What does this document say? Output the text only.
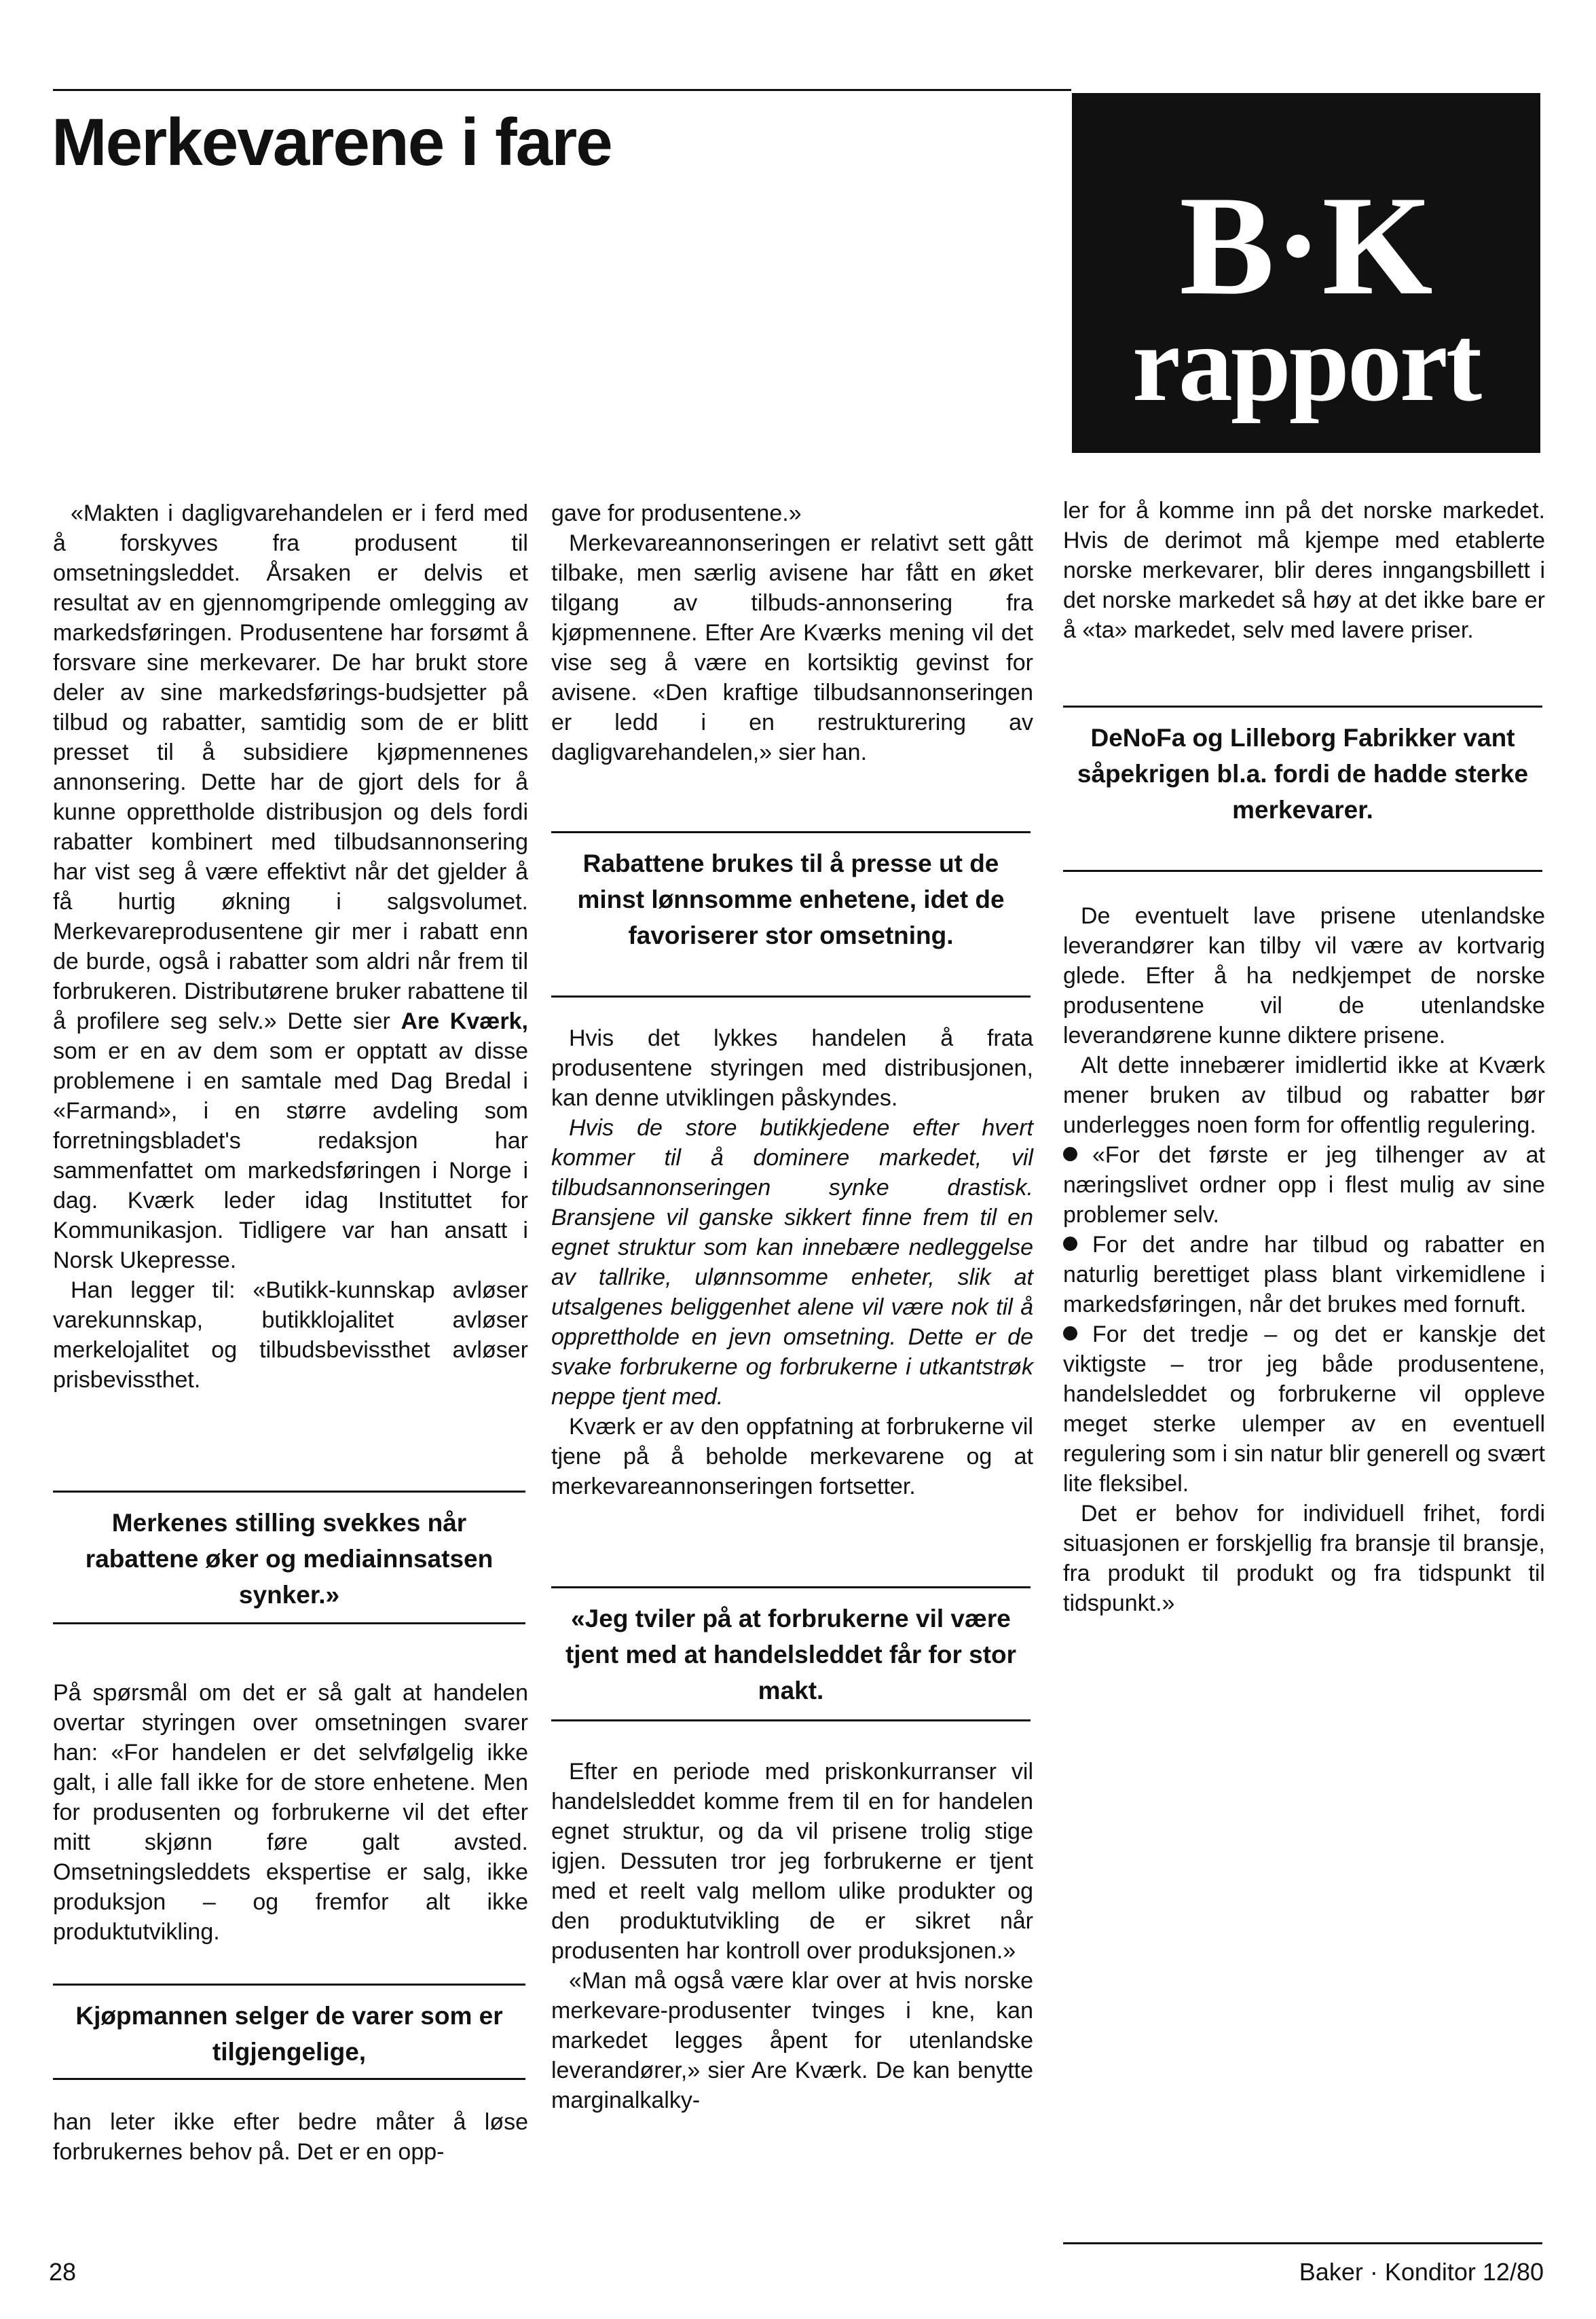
Merkevarene i fare
B·K
rapport

«Makten i dagligvarehandelen er i ferd med å forskyves fra produsent til omsetningsleddet. Årsaken er delvis et resultat av en gjennomgripende omlegging av markedsføringen. Produsentene har forsømt å forsvare sine merkevarer. De har brukt store deler av sine markedsførings-budsjetter på tilbud og rabatter, samtidig som de er blitt presset til å subsidiere kjøpmennenes annonsering. Dette har de gjort dels for å kunne opprettholde distribusjon og dels fordi rabatter kombinert med tilbudsannonsering har vist seg å være effektivt når det gjelder å få hurtig økning i salgsvolumet. Merkevareprodusentene gir mer i rabatt enn de burde, også i rabatter som aldri når frem til forbrukeren. Distributørene bruker rabattene til å profilere seg selv.» Dette sier Are Kværk, som er en av dem som er opptatt av disse problemene i en samtale med Dag Bredal i «Farmand», i en større avdeling som forretningsbladet's redaksjon har sammenfattet om markedsføringen i Norge i dag. Kværk leder idag Instituttet for Kommunikasjon. Tidligere var han ansatt i Norsk Ukepresse.

Han legger til: «Butikk-kunnskap avløser varekunnskap, butikklojalitet avløser merkelojalitet og tilbudsbevissthet avløser prisbevissthet.

Merkenes stilling svekkes når rabattene øker og mediainnsatsen synker.»

På spørsmål om det er så galt at handelen overtar styringen over omsetningen svarer han: «For handelen er det selvfølgelig ikke galt, i alle fall ikke for de store enhetene. Men for produsenten og forbrukerne vil det efter mitt skjønn føre galt avsted. Omsetningsleddets ekspertise er salg, ikke produksjon – og fremfor alt ikke produktutvikling.

Kjøpmannen selger de varer som er tilgjengelige,

han leter ikke efter bedre måter å løse forbrukernes behov på. Det er en opp-

gave for produsentene.»

Merkevareannonseringen er relativt sett gått tilbake, men særlig avisene har fått en øket tilgang av tilbuds-annonsering fra kjøpmennene. Efter Are Kværks mening vil det vise seg å være en kortsiktig gevinst for avisene. «Den kraftige tilbudsannonseringen er ledd i en restrukturering av dagligvarehandelen,» sier han.

Rabattene brukes til å presse ut de minst lønnsomme enhetene, idet de favoriserer stor omsetning.

Hvis det lykkes handelen å frata produsentene styringen med distribusjonen, kan denne utviklingen påskyndes.

Hvis de store butikkjedene efter hvert kommer til å dominere markedet, vil tilbudsannonseringen synke drastisk. Bransjene vil ganske sikkert finne frem til en egnet struktur som kan innebære nedleggelse av tallrike, ulønnsomme enheter, slik at utsalgenes beliggenhet alene vil være nok til å opprettholde en jevn omsetning. Dette er de svake forbrukerne og forbrukerne i utkantstrøk neppe tjent med.

Kværk er av den oppfatning at forbrukerne vil tjene på å beholde merkevarene og at merkevareannonseringen fortsetter.

«Jeg tviler på at forbrukerne vil være tjent med at handelsleddet får for stor makt.

Efter en periode med priskonkurranser vil handelsleddet komme frem til en for handelen egnet struktur, og da vil prisene trolig stige igjen. Dessuten tror jeg forbrukerne er tjent med et reelt valg mellom ulike produkter og den produktutvikling de er sikret når produsenten har kontroll over produksjonen.»

«Man må også være klar over at hvis norske merkevare-produsenter tvinges i kne, kan markedet legges åpent for utenlandske leverandører,» sier Are Kværk. De kan benytte marginalkalky-

ler for å komme inn på det norske markedet. Hvis de derimot må kjempe med etablerte norske merkevarer, blir deres inngangsbillett i det norske markedet så høy at det ikke bare er å «ta» markedet, selv med lavere priser.

DeNoFa og Lilleborg Fabrikker vant såpekrigen bl.a. fordi de hadde sterke merkevarer.

De eventuelt lave prisene utenlandske leverandører kan tilby vil være av kortvarig glede. Efter å ha nedkjempet de norske produsentene vil de utenlandske leverandørene kunne diktere prisene.

Alt dette innebærer imidlertid ikke at Kværk mener bruken av tilbud og rabatter bør underlegges noen form for offentlig regulering.

«For det første er jeg tilhenger av at næringslivet ordner opp i flest mulig av sine problemer selv.

For det andre har tilbud og rabatter en naturlig berettiget plass blant virkemidlene i markedsføringen, når det brukes med fornuft.

For det tredje – og det er kanskje det viktigste – tror jeg både produsentene, handelsleddet og forbrukerne vil oppleve meget sterke ulemper av en eventuell regulering som i sin natur blir generell og svært lite fleksibel.

Det er behov for individuell frihet, fordi situasjonen er forskjellig fra bransje til bransje, fra produkt til produkt og fra tidspunkt til tidspunkt.»

28	Baker · Konditor 12/80
